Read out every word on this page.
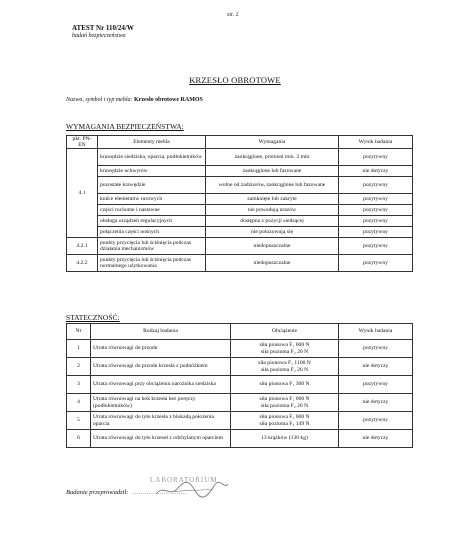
str. 2
ATEST Nr 110/24/W
badań bezpieczeństwa
KRZESŁO OBROTOWE
Nazwa, symbol i typ mebla: Krzesło obrotowe RAMOS
WYMAGANIA BEZPIECZEŃSTWA:
pkt. PN-EN	Elementy mebla	Wymagania	Wynik badania
4.1	krawędzie siedziska, oparcia, podłokietników	zaokrąglone, promień min. 2 mm	pozytywny
	krawędzie uchwytów	zaokrąglone lub fazowane	nie dotyczy
	pozostałe krawędzie	wolne od zadziorów, zaokrąglone lub fazowane	pozytywny
	końce elementów rurowych	zamknięte lub zakryte	pozytywny
	części ruchome i nastawne	nie powodują urazów	pozytywny
	obsługa urządzeń regulacyjnych	dostępna z pozycji siedzącej	pozytywny
	połączenia części nośnych	nie poluzowują się	pozytywny
4.2.1	punkty przycięcia lub ściśnięcia podczas działania mechanizmów	niedopuszczalne	pozytywny
4.2.2	punkty przycięcia lub ściśnięcia podczas normalnego użytkowania	niedopuszczalne	pozytywny
STATECZNOŚĆ:
Nr	Rodzaj badania	Obciążenie	Wynik badania
1	Utrata równowagi do przodu	siła pionowa F₁ 600 N
siła pozioma F₂ 20 N	pozytywny
2	Utrata równowagi do przodu krzesła z podnóżkiem	siła pionowa F₁ 1100 N
siła pozioma F₂ 20 N	nie dotyczy
3	Utrata równowagi przy obciążeniu narożnika siedziska	siła pionowa F₁ 300 N	pozytywny
4	Utrata równowagi na bok krzesła bez poręczy (podłokietników)	siła pionowa F₁ 600 N
siła pozioma F₂ 20 N	nie dotyczy
5	Utrata równowagi do tyłu krzesła z blokadą położenia oparcia	siła pionowa F₁ 600 N
siła pozioma F₂ 149 N	pozytywny
6	Utrata równowagi do tyłu krzeseł z odchylanym oparciem	13 krążków (130 kg)	nie dotyczy
LABORATORIUM
Badanie przeprowadził: ..........................
